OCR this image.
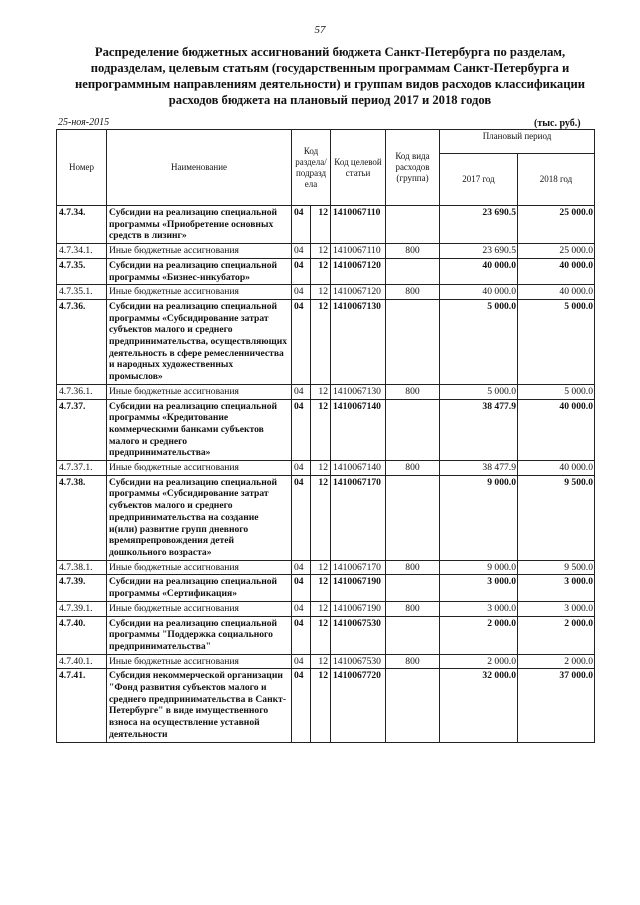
57
Распределение бюджетных ассигнований бюджета Санкт-Петербурга по разделам, подразделам, целевым статьям (государственным программам Санкт-Петербурга и непрограммным направлениям деятельности) и группам видов расходов классификации расходов бюджета на плановый период 2017 и 2018 годов
25-ноя-2015	(тыс. руб.)
Номер	Наименование	Код раздела/ подразд ела		Код целевой статьи	Код вида расходов (группа)	Плановый период	
						2017 год	2018 год
4.7.34.	Субсидии на реализацию специальной программы «Приобретение основных средств в лизинг»	04	12	1410067110		23 690.5	25 000.0
4.7.34.1.	Иные бюджетные ассигнования	04	12	1410067110	800	23 690.5	25 000.0
4.7.35.	Субсидии на реализацию специальной программы «Бизнес-инкубатор»	04	12	1410067120		40 000.0	40 000.0
4.7.35.1.	Иные бюджетные ассигнования	04	12	1410067120	800	40 000.0	40 000.0
4.7.36.	Субсидии на реализацию специальной программы «Субсидирование затрат субъектов малого и среднего предпринимательства, осуществляющих деятельность в сфере ремесленничества и народных художественных промыслов»	04	12	1410067130		5 000.0	5 000.0
4.7.36.1.	Иные бюджетные ассигнования	04	12	1410067130	800	5 000.0	5 000.0
4.7.37.	Субсидии на реализацию специальной программы «Кредитование коммерческими банками субъектов малого и среднего предпринимательства»	04	12	1410067140		38 477.9	40 000.0
4.7.37.1.	Иные бюджетные ассигнования	04	12	1410067140	800	38 477.9	40 000.0
4.7.38.	Субсидии на реализацию специальной программы «Субсидирование затрат субъектов малого и среднего предпринимательства на создание и(или) развитие групп дневного времяпрепровождения детей дошкольного возраста»	04	12	1410067170		9 000.0	9 500.0
4.7.38.1.	Иные бюджетные ассигнования	04	12	1410067170	800	9 000.0	9 500.0
4.7.39.	Субсидии на реализацию специальной программы «Сертификация»	04	12	1410067190		3 000.0	3 000.0
4.7.39.1.	Иные бюджетные ассигнования	04	12	1410067190	800	3 000.0	3 000.0
4.7.40.	Субсидии на реализацию специальной программы "Поддержка социального предпринимательства"	04	12	1410067530		2 000.0	2 000.0
4.7.40.1.	Иные бюджетные ассигнования	04	12	1410067530	800	2 000.0	2 000.0
4.7.41.	Субсидия некоммерческой организации "Фонд развития субъектов малого и среднего предпринимательства в Санкт-Петербурге" в виде имущественного взноса на осуществление уставной деятельности	04	12	1410067720		32 000.0	37 000.0
